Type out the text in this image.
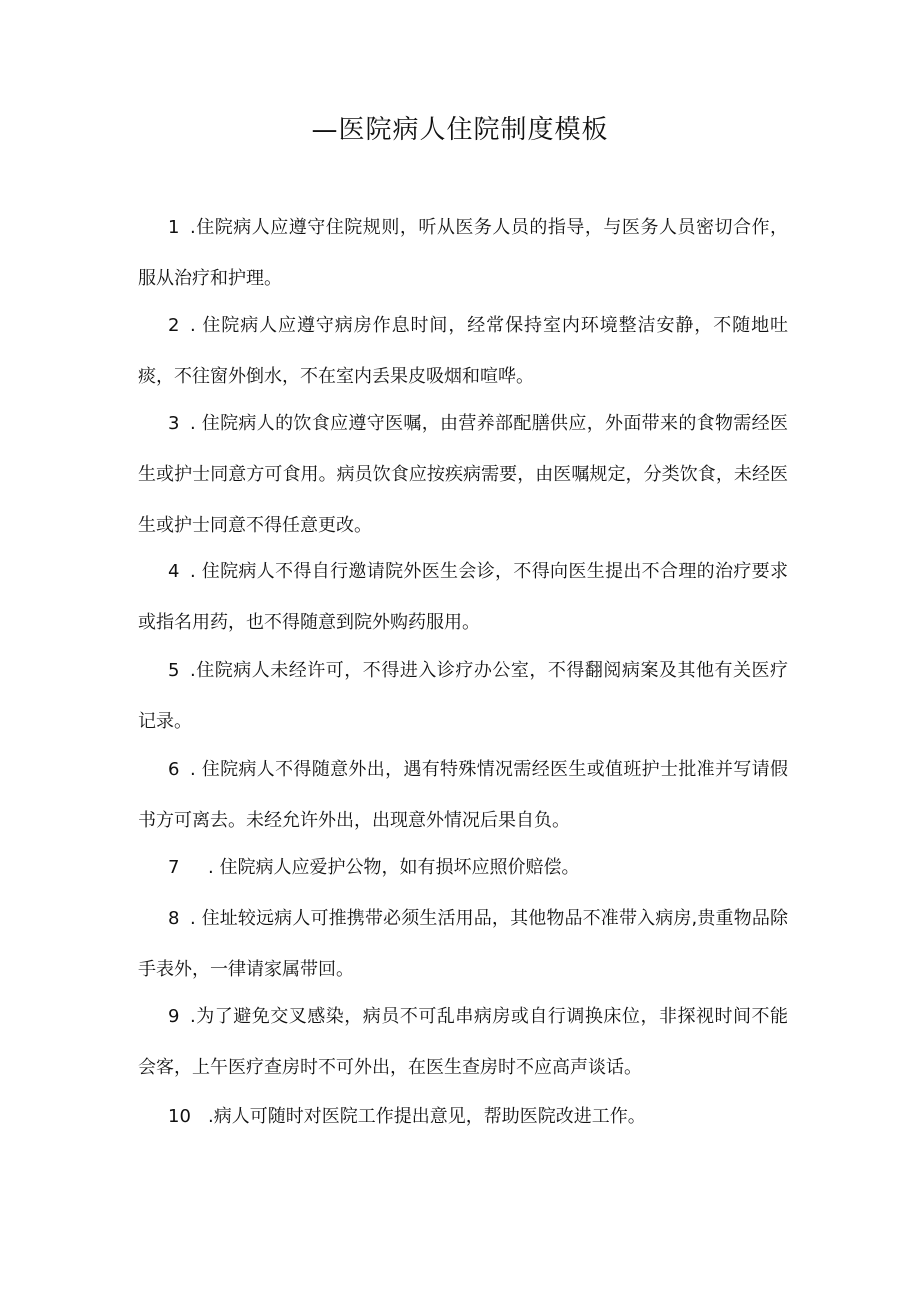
—医院病人住院制度模板

1 .住院病人应遵守住院规则，听从医务人员的指导，与医务人员密切合作，服从治疗和护理。

2 . 住院病人应遵守病房作息时间，经常保持室内环境整洁安静，不随地吐痰，不往窗外倒水，不在室内丢果皮吸烟和喧哗。

3 . 住院病人的饮食应遵守医嘱，由营养部配膳供应，外面带来的食物需经医生或护士同意方可食用。病员饮食应按疾病需要，由医嘱规定，分类饮食，未经医生或护士同意不得任意更改。

4 . 住院病人不得自行邀请院外医生会诊，不得向医生提出不合理的治疗要求或指名用药，也不得随意到院外购药服用。

5 .住院病人未经许可，不得进入诊疗办公室，不得翻阅病案及其他有关医疗记录。

6 . 住院病人不得随意外出，遇有特殊情况需经医生或值班护士批准并写请假书方可离去。未经允许外出，出现意外情况后果自负。

7 . 住院病人应爱护公物，如有损坏应照价赔偿。

8 . 住址较远病人可推携带必须生活用品，其他物品不准带入病房,贵重物品除手表外，一律请家属带回。

9 .为了避免交叉感染，病员不可乱串病房或自行调换床位，非探视时间不能会客，上午医疗查房时不可外出，在医生查房时不应高声谈话。

10 .病人可随时对医院工作提出意见，帮助医院改进工作。
